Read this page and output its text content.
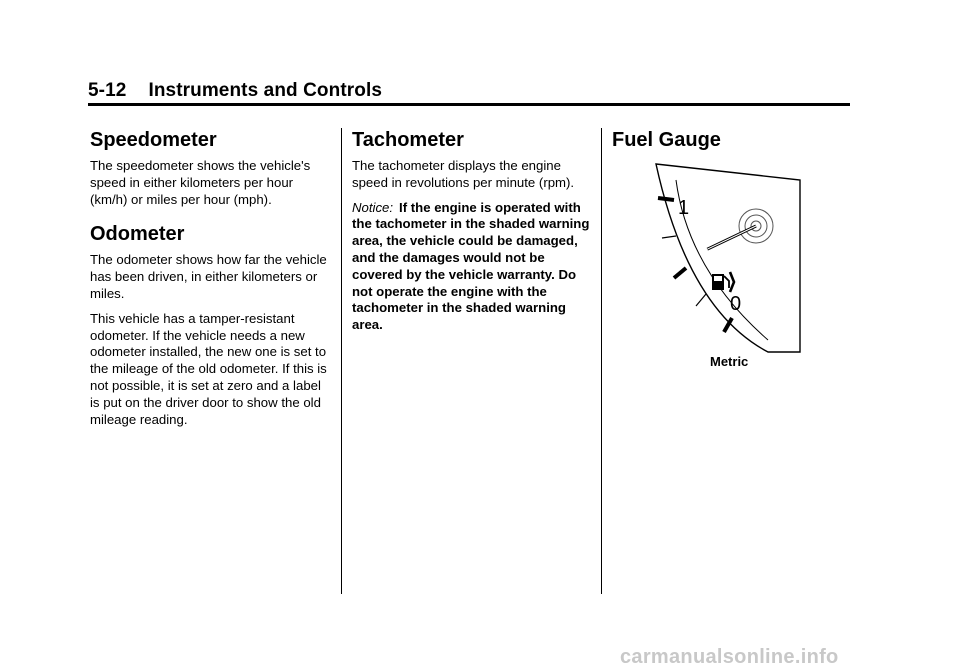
5-12 Instruments and Controls
Speedometer

The speedometer shows the vehicle's speed in either kilometers per hour (km/h) or miles per hour (mph).

Odometer

The odometer shows how far the vehicle has been driven, in either kilometers or miles.

This vehicle has a tamper-resistant odometer. If the vehicle needs a new odometer installed, the new one is set to the mileage of the old odometer. If this is not possible, it is set at zero and a label is put on the driver door to show the old mileage reading.

Tachometer

The tachometer displays the engine speed in revolutions per minute (rpm).

Notice: If the engine is operated with the tachometer in the shaded warning area, the vehicle could be damaged, and the damages would not be covered by the vehicle warranty. Do not operate the engine with the tachometer in the shaded warning area.

Fuel Gauge
1
0
Metric
carmanualsonline.info
